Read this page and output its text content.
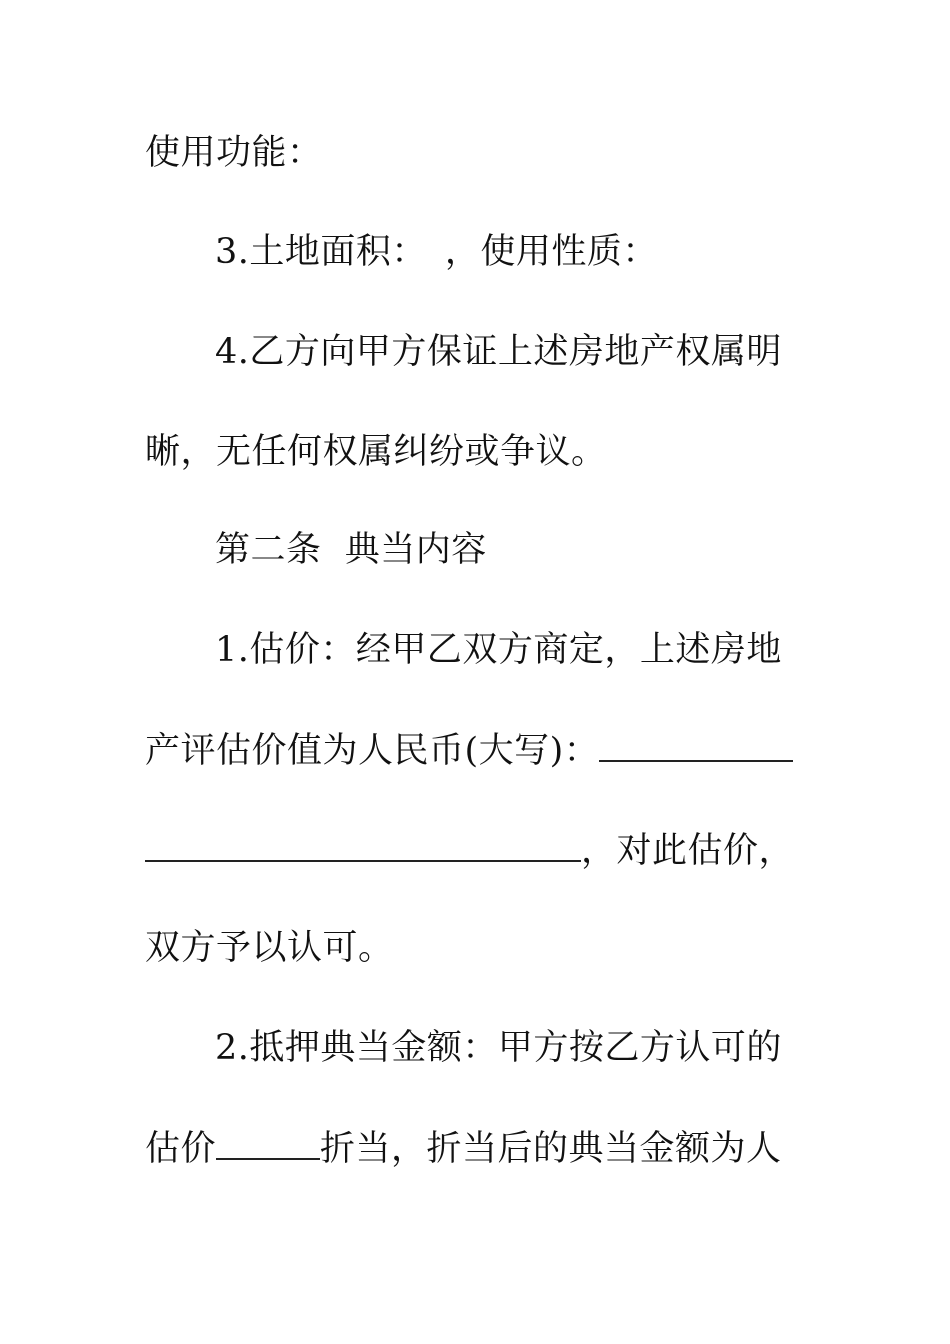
使用功能：
3.土地面积：　，使用性质：
4.乙方向甲方保证上述房地产权属明
晰，无任何权属纠纷或争议。
第二条  典当内容
1.估价：经甲乙双方商定，上述房地
产评估价值为人民币(大写)：
，对此估价，
双方予以认可。
2.抵押典当金额：甲方按乙方认可的
估价	折当，折当后的典当金额为人
